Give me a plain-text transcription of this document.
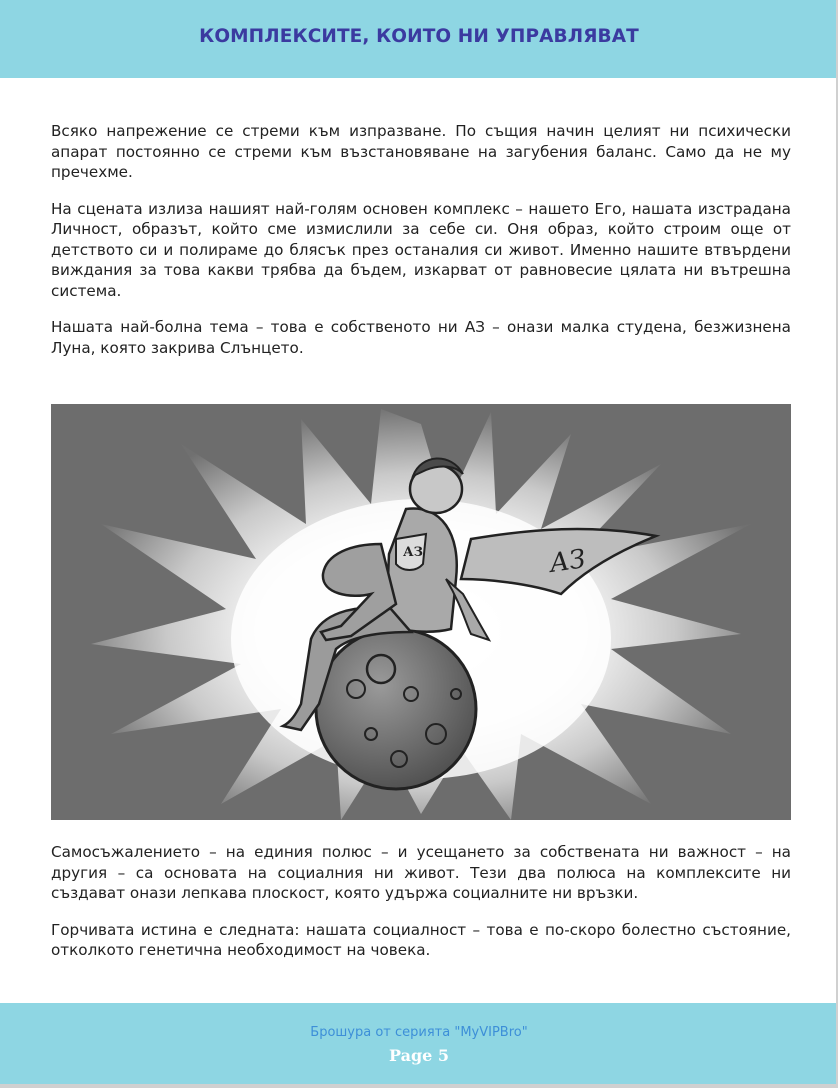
КОМПЛЕКСИТЕ, КОИТО НИ УПРАВЛЯВАТ

Всяко напрежение се стреми към изпразване. По същия начин целият ни психически апарат постоянно се стреми към възстановяване на загубения баланс. Само да не му пречехме.

На сцената излиза нашият най-голям основен комплекс – нашето Его, нашата изстрадана Личност, образът, който сме измислили за себе си. Оня образ, който строим още от детството си и полираме до блясък през останалия си живот. Именно нашите втвърдени виждания за това какви трябва да бъдем, изкарват от равновесие цялата ни вътрешна система.

Нашата най-болна тема – това е собственото ни АЗ – онази малка студена, безжизнена Луна, която закрива Слънцето.

АЗ	АЗ

Самосъжалението – на единия полюс – и усещането за собствената ни важност – на другия – са основата на социалния ни живот. Тези два полюса на комплексите ни създават онази лепкава плоскост, която удържа социалните ни връзки.

Горчивата истина е следната: нашата социалност – това е по-скоро болестно състояние, отколкото генетична необходимост на човека.

Брошура от серията "MyVIPBro"
Page 5
